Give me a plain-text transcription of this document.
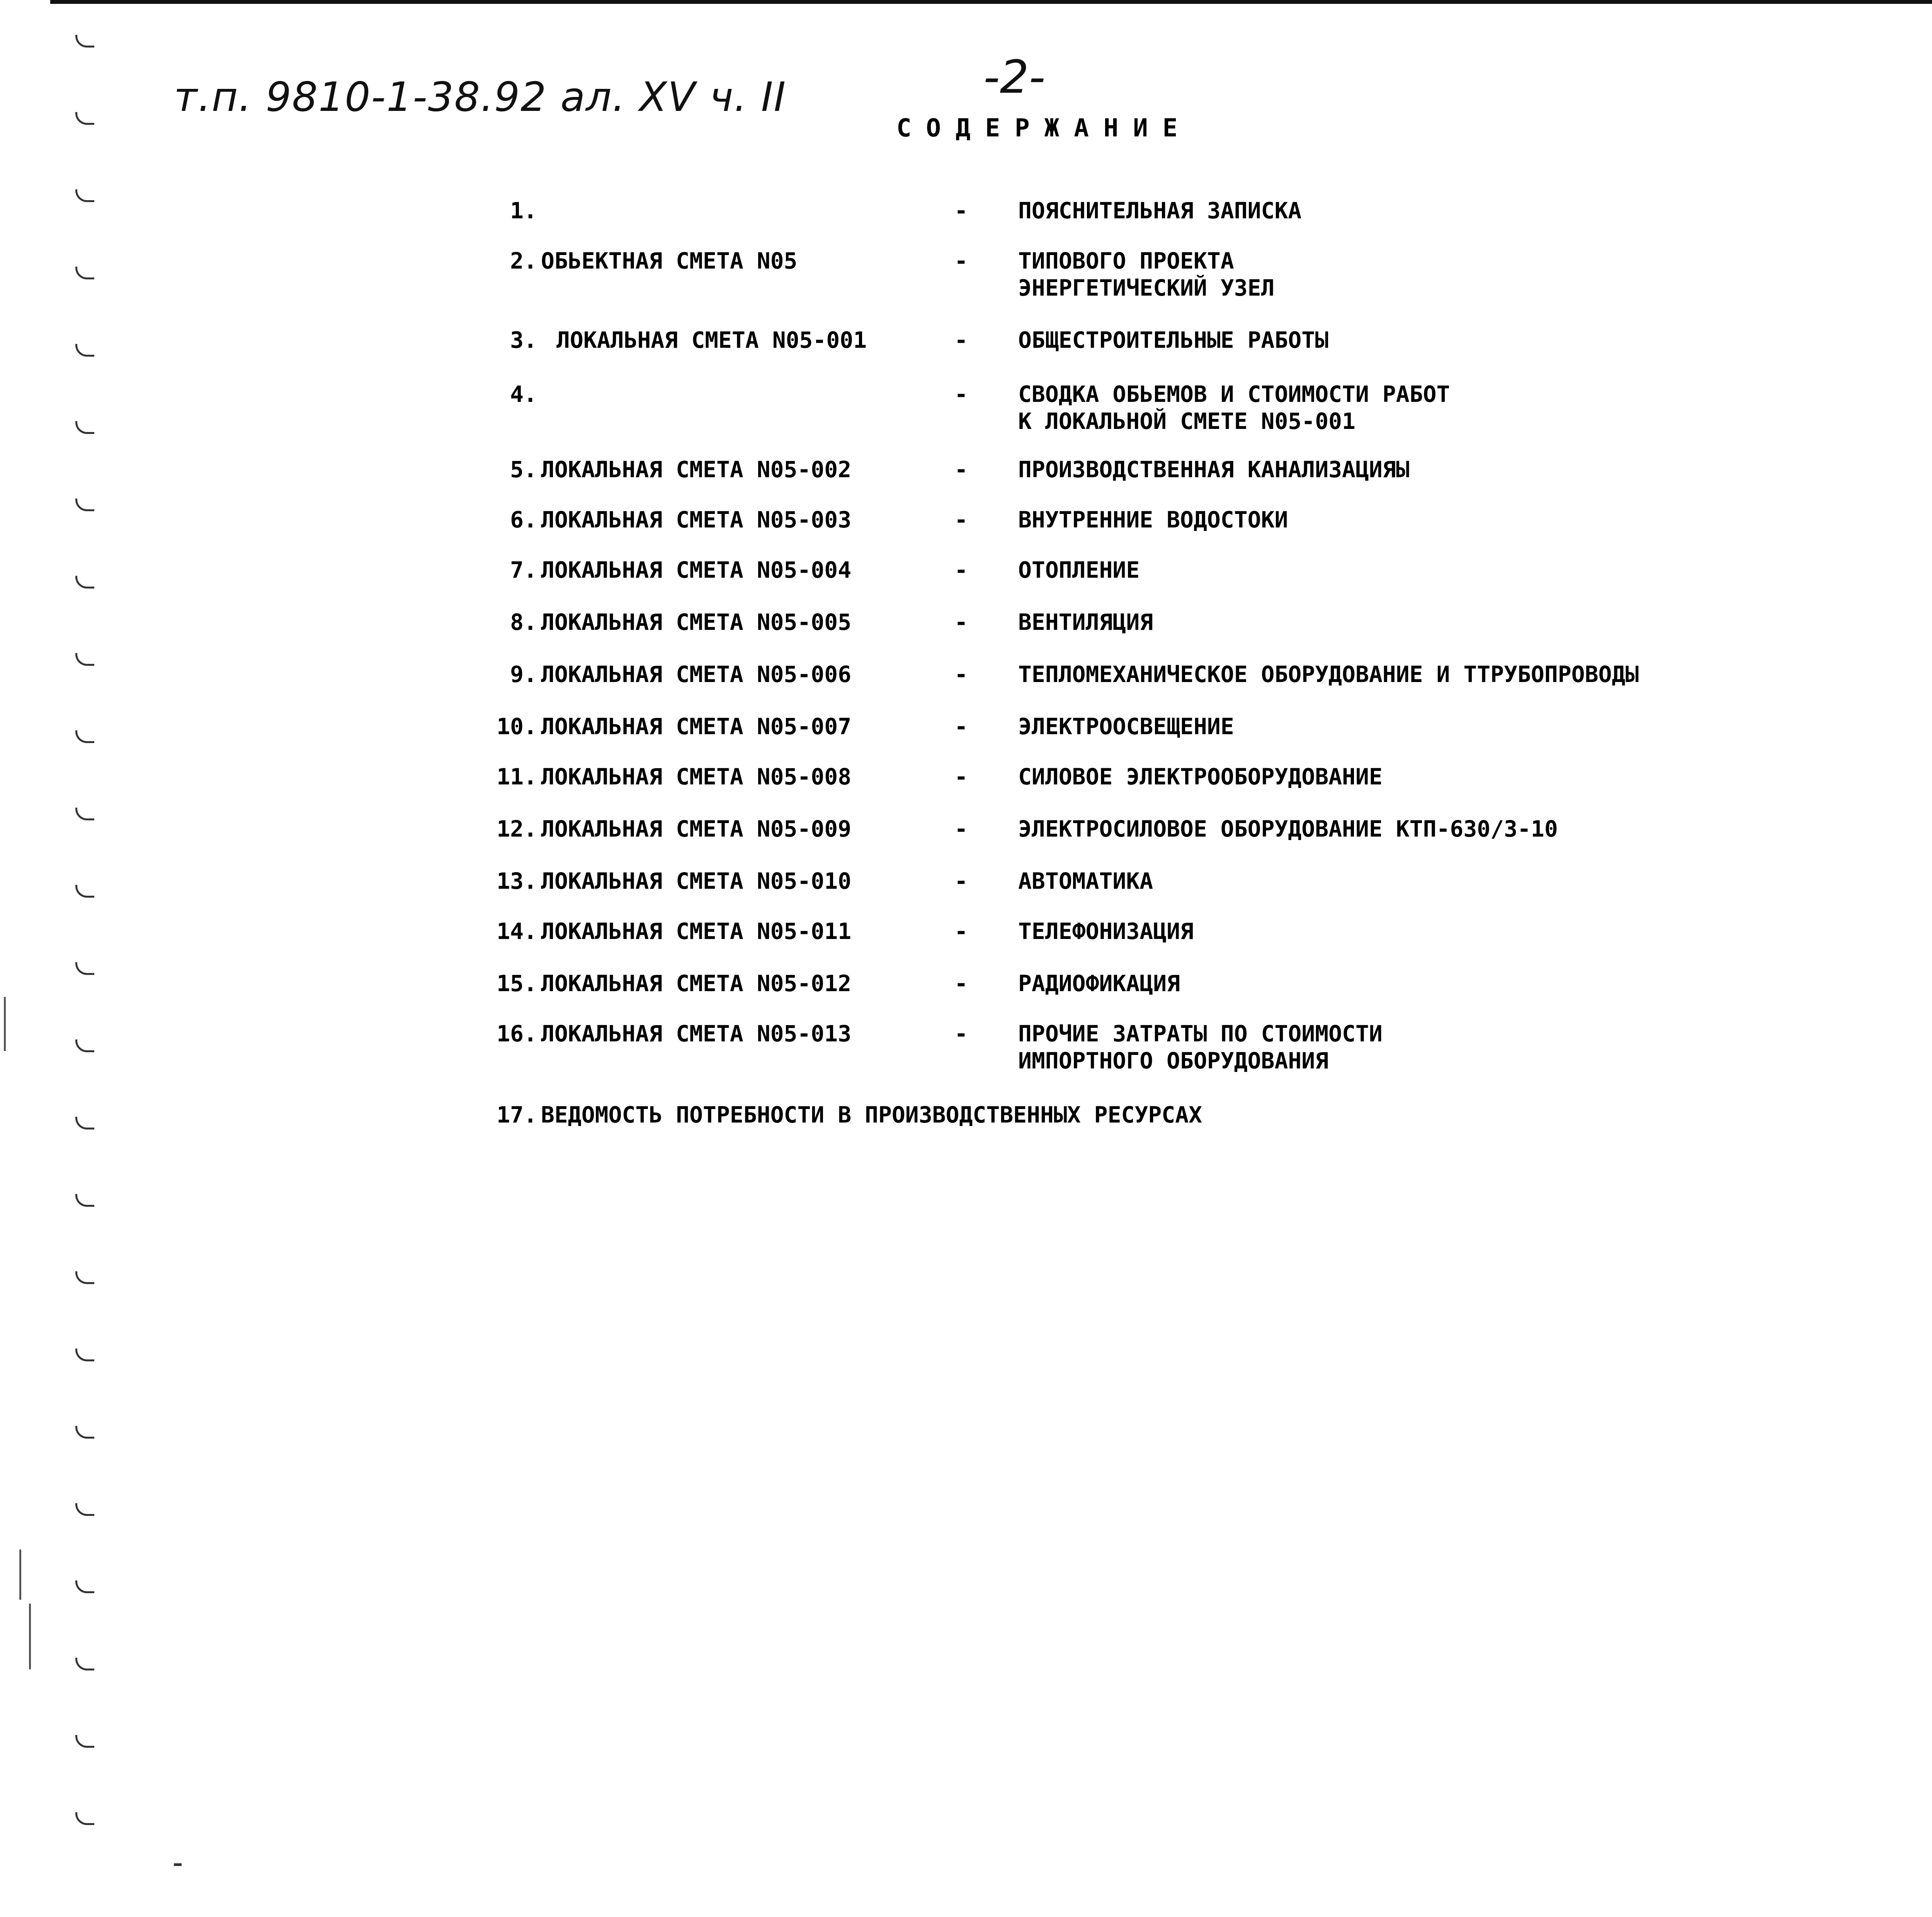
т.п. 9810-1-38.92 ал. XV ч. II	-2-
СОДЕРЖАНИЕ
1.	- ПОЯСНИТЕЛЬНАЯ ЗАПИСКА
2. ОБЬЕКТНАЯ СМЕТА N05	- ТИПОВОГО ПРОЕКТА
ЭНЕРГЕТИЧЕСКИЙ УЗЕЛ
3. ЛОКАЛЬНАЯ СМЕТА N05-001	- ОБЩЕСТРОИТЕЛЬНЫЕ РАБОТЫ
4.	- СВОДКА ОБЬЕМОВ И СТОИМОСТИ РАБОТ
К ЛОКАЛЬНОЙ СМЕТЕ N05-001
5. ЛОКАЛЬНАЯ СМЕТА N05-002	- ПРОИЗВОДСТВЕННАЯ КАНАЛИЗАЦИЯЫ
6. ЛОКАЛЬНАЯ СМЕТА N05-003	- ВНУТРЕННИЕ ВОДОСТОКИ
7. ЛОКАЛЬНАЯ СМЕТА N05-004	- ОТОПЛЕНИЕ
8. ЛОКАЛЬНАЯ СМЕТА N05-005	- ВЕНТИЛЯЦИЯ
9. ЛОКАЛЬНАЯ СМЕТА N05-006	- ТЕПЛОМЕХАНИЧЕСКОЕ ОБОРУДОВАНИЕ И ТТРУБОПРОВОДЫ
10. ЛОКАЛЬНАЯ СМЕТА N05-007	- ЭЛЕКТРООСВЕЩЕНИЕ
11. ЛОКАЛЬНАЯ СМЕТА N05-008	- СИЛОВОЕ ЭЛЕКТРООБОРУДОВАНИЕ
12. ЛОКАЛЬНАЯ СМЕТА N05-009	- ЭЛЕКТРОСИЛОВОЕ ОБОРУДОВАНИЕ КТП-630/3-10
13. ЛОКАЛЬНАЯ СМЕТА N05-010	- АВТОМАТИКА
14. ЛОКАЛЬНАЯ СМЕТА N05-011	- ТЕЛЕФОНИЗАЦИЯ
15. ЛОКАЛЬНАЯ СМЕТА N05-012	- РАДИОФИКАЦИЯ
16. ЛОКАЛЬНАЯ СМЕТА N05-013	- ПРОЧИЕ ЗАТРАТЫ ПО СТОИМОСТИ
ИМПОРТНОГО ОБОРУДОВАНИЯ
17. ВЕДОМОСТЬ ПОТРЕБНОСТИ В ПРОИЗВОДСТВЕННЫХ РЕСУРСАХ
